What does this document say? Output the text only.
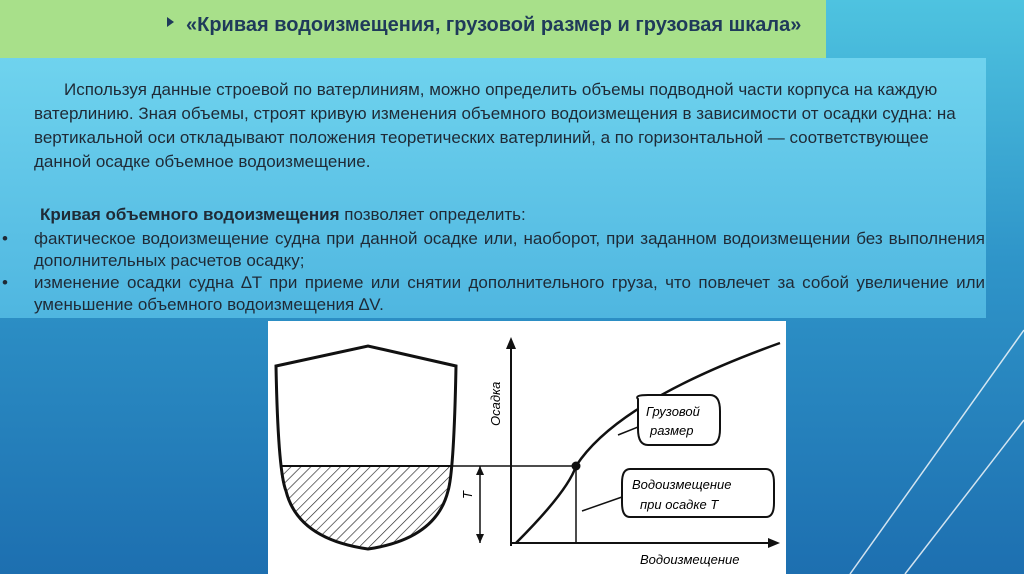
«Кривая водоизмещения, грузовой размер и грузовая шкала»
Используя данные строевой по ватерлиниям, можно определить объемы подводной части корпуса на каждую ватерлинию. Зная объемы, строят кривую изменения объемного водоизмещения в зависимости от осадки судна: на вертикальной оси откладывают положения теоретических ватерлиний, а по горизонтальной — соответствующее данной осадке объемное водоизмещение.
Кривая объемного водоизмещения позволяет определить:
•	фактическое водоизмещение судна при данной осадке или, наоборот, при заданном водоизмещении без выполнения дополнительных расчетов осадку;
•	изменение осадки судна ∆T при приеме или снятии дополнительного груза, что повлечет за собой увеличение или уменьшение объемного водоизмещения ∆V.
T
Осадка
Водоизмещение
Грузовой
размер
Водоизмещение
при осадке T
